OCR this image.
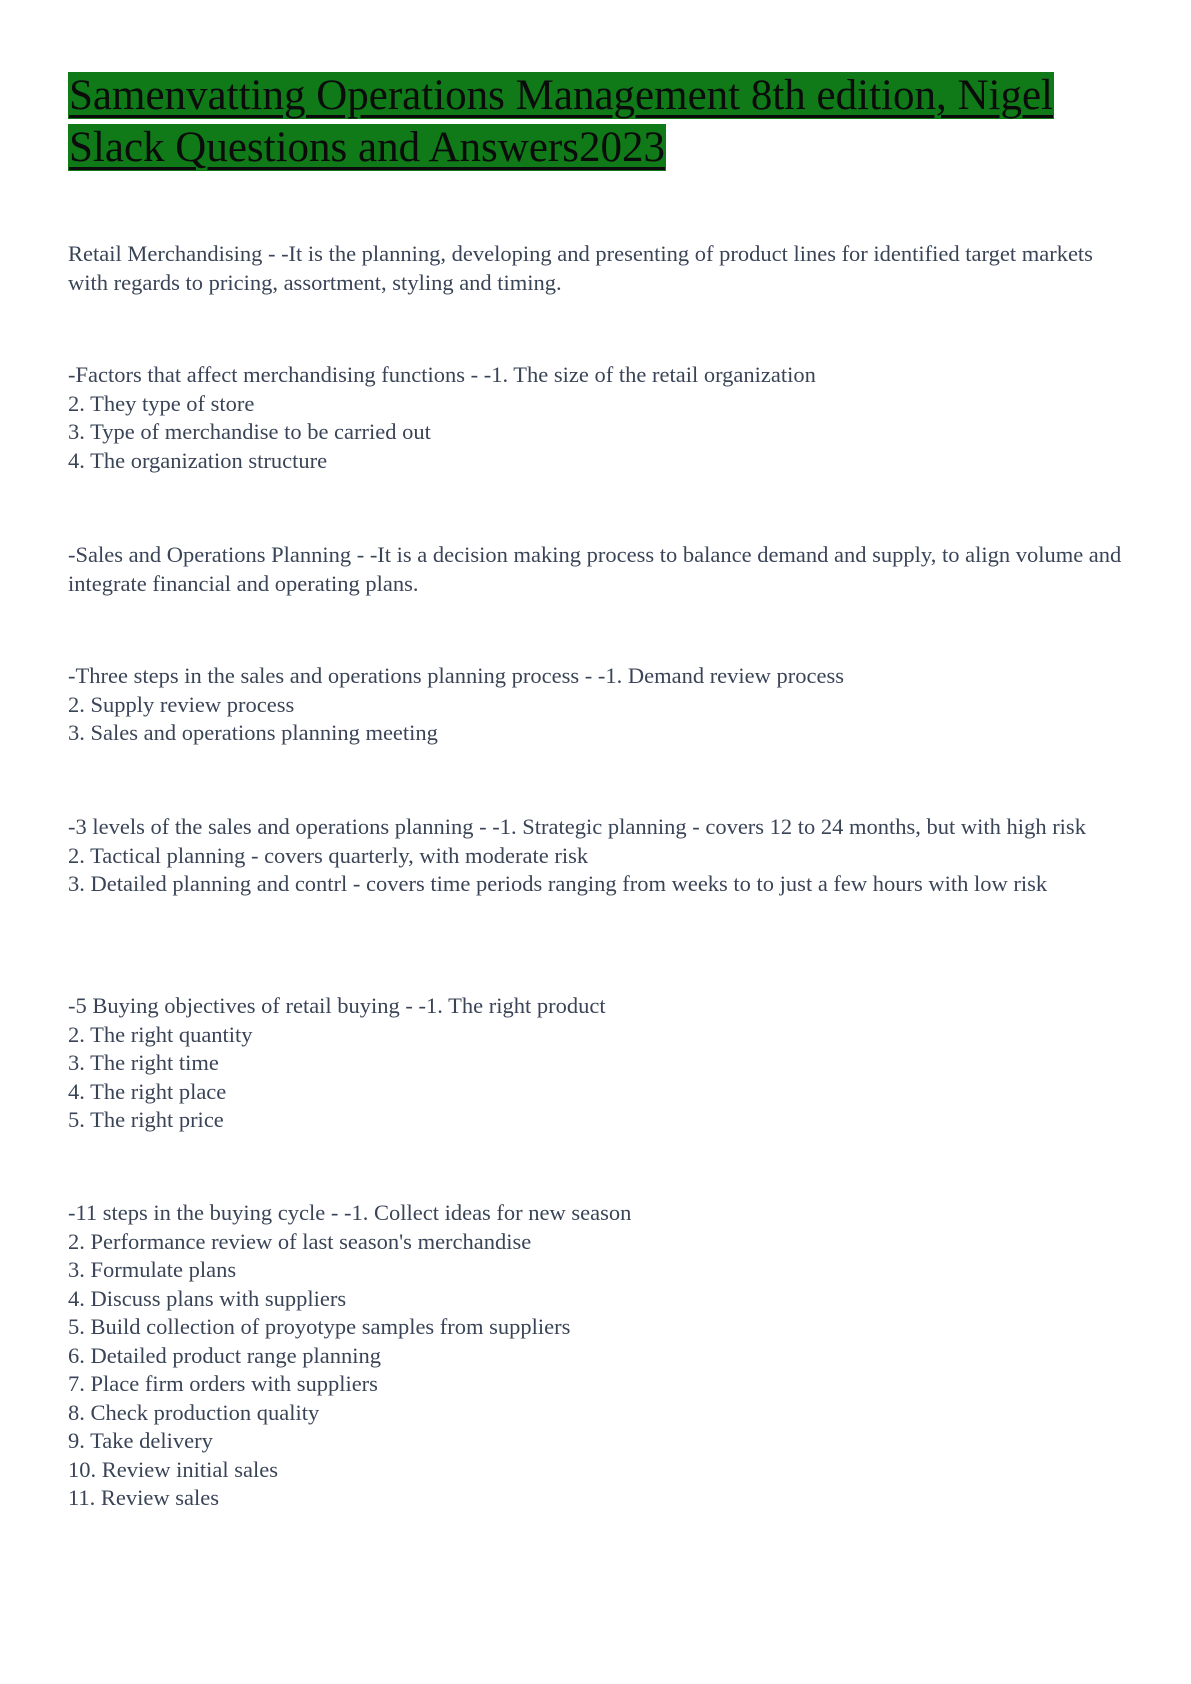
Samenvatting Operations Management 8th edition, Nigel Slack Questions and Answers2023
Retail Merchandising - -It is the planning, developing and presenting of product lines for identified target markets with regards to pricing, assortment, styling and timing.
-Factors that affect merchandising functions - -1. The size of the retail organization
2. They type of store
3. Type of merchandise to be carried out
4. The organization structure
-Sales and Operations Planning - -It is a decision making process to balance demand and supply, to align volume and integrate financial and operating plans.
-Three steps in the sales and operations planning process - -1. Demand review process
2. Supply review process
3. Sales and operations planning meeting
-3 levels of the sales and operations planning - -1. Strategic planning - covers 12 to 24 months, but with high risk
2. Tactical planning - covers quarterly, with moderate risk
3. Detailed planning and contrl - covers time periods ranging from weeks to to just a few hours with low risk
-5 Buying objectives of retail buying - -1. The right product
2. The right quantity
3. The right time
4. The right place
5. The right price
-11 steps in the buying cycle - -1. Collect ideas for new season
2. Performance review of last season's merchandise
3. Formulate plans
4. Discuss plans with suppliers
5. Build collection of proyotype samples from suppliers
6. Detailed product range planning
7. Place firm orders with suppliers
8. Check production quality
9. Take delivery
10. Review initial sales
11. Review sales
